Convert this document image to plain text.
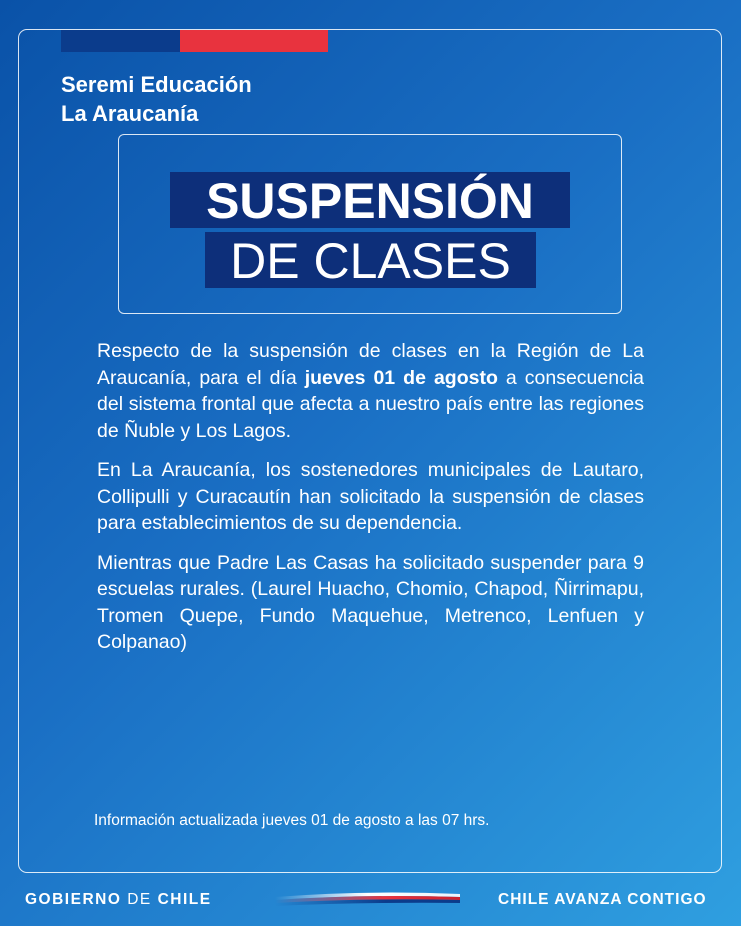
Seremi Educación
La Araucanía
SUSPENSIÓN
DE CLASES

Respecto de la suspensión de clases en la Región de La Araucanía, para el día jueves 01 de agosto a consecuencia del sistema frontal que afecta a nuestro país entre las regiones de Ñuble y Los Lagos.

En La Araucanía, los sostenedores municipales de Lautaro, Collipulli y Curacautín han solicitado la suspensión de clases para establecimientos de su dependencia.

Mientras que Padre Las Casas ha solicitado suspender para 9 escuelas rurales. (Laurel Huacho, Chomio, Chapod, Ñirrimapu, Tromen Quepe, Fundo Maquehue, Metrenco, Lenfuen y Colpanao)

Información actualizada jueves 01 de agosto a las 07 hrs.
GOBIERNO DE CHILE	CHILE AVANZA CONTIGO
